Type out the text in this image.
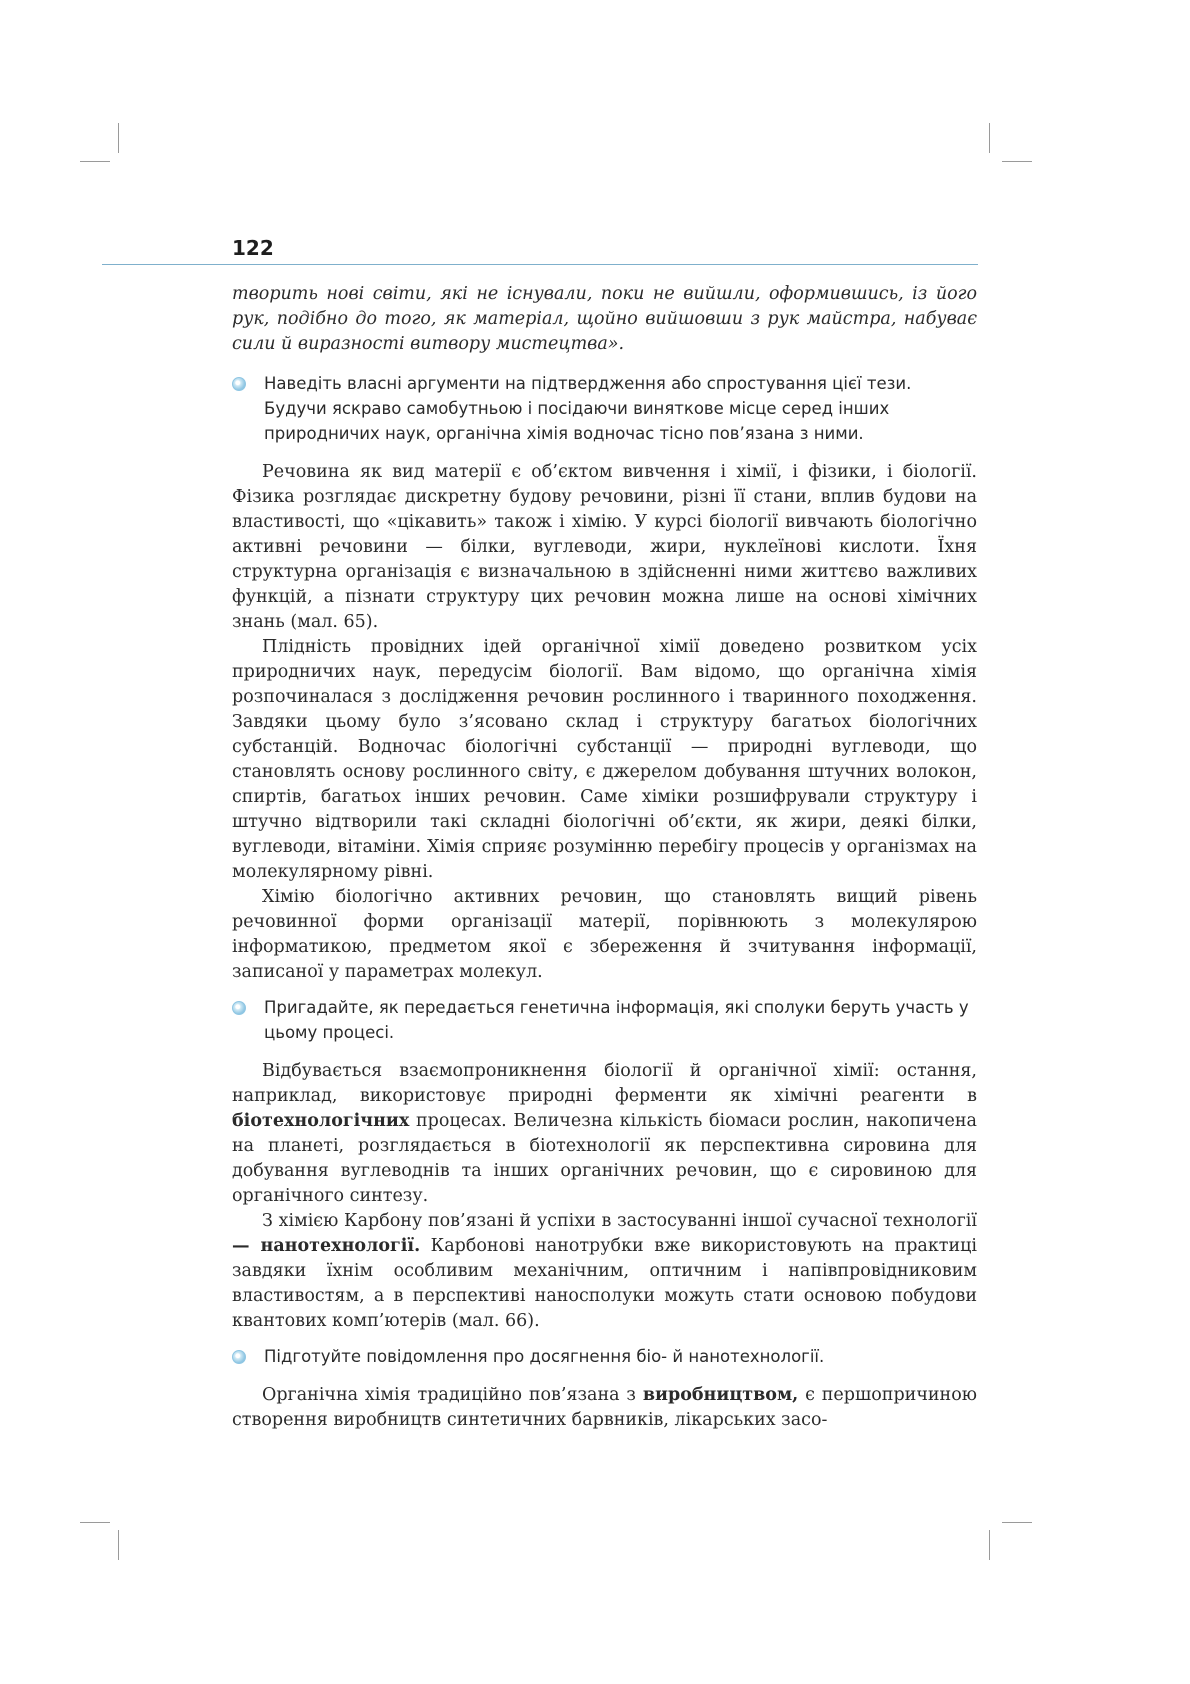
122

творить нові світи, які не існували, поки не вийшли, оформившись, із його рук, подібно до того, як матеріал, щойно вийшовши з рук майстра, набуває сили й виразності витвору мистецтва».

Наведіть власні аргументи на підтвердження або спростування цієї тези. Будучи яскраво самобутньою і посідаючи виняткове місце серед інших природничих наук, органічна хімія водночас тісно пов’язана з ними.

Речовина як вид матерії є об’єктом вивчення і хімії, і фізики, і біології. Фізика розглядає дискретну будову речовини, різні її стани, вплив будови на властивості, що «цікавить» також і хімію. У курсі біології вивчають біологічно активні речовини — білки, вуглеводи, жири, нуклеїнові кислоти. Їхня структурна організація є визначальною в здійсненні ними життєво важливих функцій, а пізнати структуру цих речовин можна лише на основі хімічних знань (мал. 65).

Плідність провідних ідей органічної хімії доведено розвитком усіх природничих наук, передусім біології. Вам відомо, що органічна хімія розпочиналася з дослідження речовин рослинного і тваринного походження. Завдяки цьому було з’ясовано склад і структуру багатьох біологічних субстанцій. Водночас біологічні субстанції — природні вуглеводи, що становлять основу рослинного світу, є джерелом добування штучних волокон, спиртів, багатьох інших речовин. Саме хіміки розшифрували структуру і штучно відтворили такі складні біологічні об’єкти, як жири, деякі білки, вуглеводи, вітаміни. Хімія сприяє розумінню перебігу процесів у організмах на молекулярному рівні.

Хімію біологічно активних речовин, що становлять вищий рівень речовинної форми організації матерії, порівнюють з молекулярою інформатикою, предметом якої є збереження й зчитування інформації, записаної у параметрах молекул.

Пригадайте, як передається генетична інформація, які сполуки беруть участь у цьому процесі.

Відбувається взаємопроникнення біології й органічної хімії: остання, наприклад, використовує природні ферменти як хімічні реагенти в біотехнологічних процесах. Величезна кількість біомаси рослин, накопичена на планеті, розглядається в біотехнології як перспективна сировина для добування вуглеводнів та інших органічних речовин, що є сировиною для органічного синтезу.

З хімією Карбону пов’язані й успіхи в застосуванні іншої сучасної технології — нанотехнології. Карбонові нанотрубки вже використовують на практиці завдяки їхнім особливим механічним, оптичним і напівпровідниковим властивостям, а в перспективі наносполуки можуть стати основою побудови квантових комп’ютерів (мал. 66).

Підготуйте повідомлення про досягнення біо- й нанотехнології.

Органічна хімія традиційно пов’язана з виробництвом, є першопричиною створення виробництв синтетичних барвників, лікарських засо-
